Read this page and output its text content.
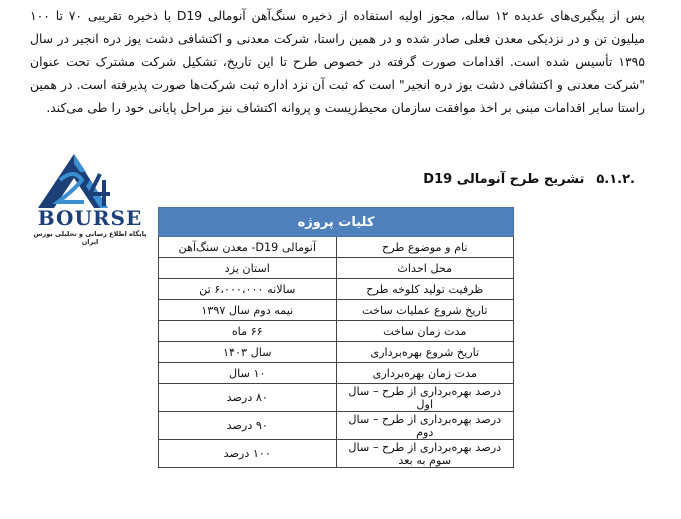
پس از پیگیری‌های عدیده ۱۲ ساله، مجوز اولیه استفاده از ذخیره سنگ‌آهن آنومالی D19 با ذخیره تقریبی ۷۰ تا ۱۰۰ میلیون تن و در نزدیکی معدن فعلی صادر شده و در همین راستا، شرکت معدنی و اکتشافی دشت یوز دره انجیر در سال ۱۳۹۵ تأسیس شده است. اقدامات صورت گرفته در خصوص طرح تا این تاریخ، تشکیل شرکت مشترک تحت عنوان "شرکت معدنی و اکتشافی دشت یوز دره انجیر" است که ثبت آن نزد اداره ثبت شرکت‌ها صورت پذیرفته است. در همین راستا سایر اقدامات مبنی بر اخذ موافقت سازمان محیط‌زیست و پروانه اکتشاف نیز مراحل پایانی خود را طی می‌کند.
.۵.۱.۲تشریح طرح آنومالی D19
BOURSE
پایگاه اطلاع رسانی و تحلیلی بورس ایران
کلیات پروژه	
نام و موضوع طرح	آنومالی D19- معدن سنگ‌آهن
محل احداث	استان یزد
ظرفیت تولید کلوخه طرح	سالانه ۶،۰۰۰،۰۰۰ تن
تاریخ شروع عملیات ساخت	نیمه دوم سال ۱۳۹۷
مدت زمان ساخت	۶۶ ماه
تاریخ شروع بهره‌برداری	سال ۱۴۰۳
مدت زمان بهره‌برداری	۱۰ سال
درصد بهره‌برداری از طرح – سال اول	۸۰ درصد
درصد بهره‌برداری از طرح – سال دوم	۹۰ درصد
درصد بهره‌برداری از طرح – سال سوم به بعد	۱۰۰ درصد
